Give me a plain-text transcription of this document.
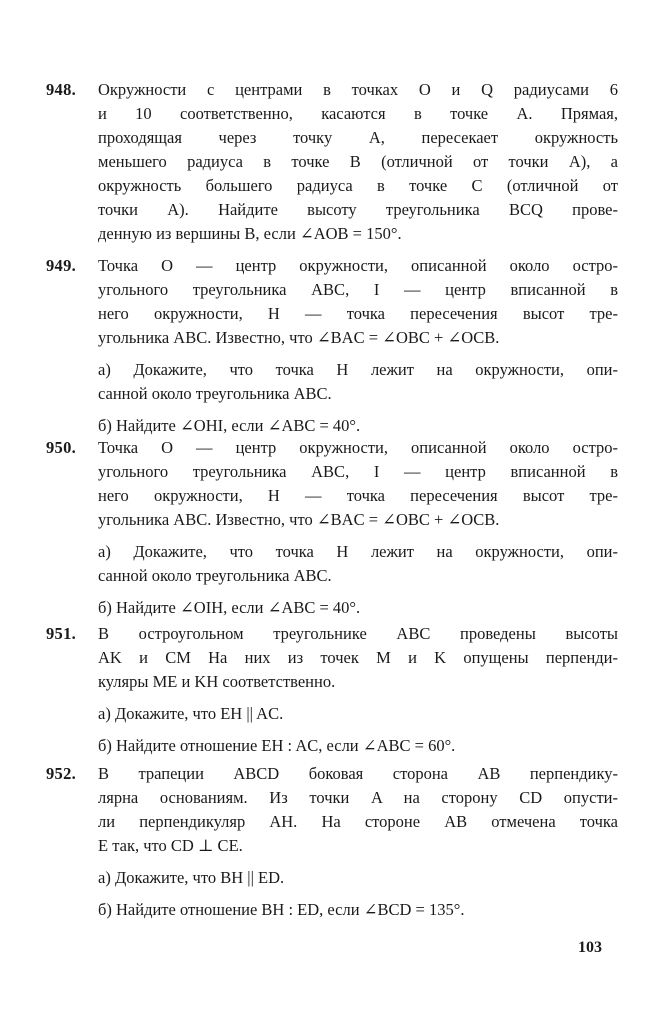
948. Окружности с центрами в точках O и Q радиусами 6
и 10 соответственно, касаются в точке A. Прямая,
проходящая через точку A, пересекает окружность
меньшего радиуса в точке B (отличной от точки A), а
окружность большего радиуса в точке C (отличной от
точки A). Найдите высоту треугольника BCQ прове-
денную из вершины B, если ∠AOB = 150°.
949. Точка O — центр окружности, описанной около остро-
угольного треугольника ABC, I — центр вписанной в
него окружности, H — точка пересечения высот тре-
угольника ABC. Известно, что ∠BAC = ∠OBC + ∠OCB.
а) Докажите, что точка H лежит на окружности, опи-
санной около треугольника ABC.
б) Найдите ∠OHI, если ∠ABC = 40°.
950. Точка O — центр окружности, описанной около остро-
угольного треугольника ABC, I — центр вписанной в
него окружности, H — точка пересечения высот тре-
угольника ABC. Известно, что ∠BAC = ∠OBC + ∠OCB.
а) Докажите, что точка H лежит на окружности, опи-
санной около треугольника ABC.
б) Найдите ∠OIH, если ∠ABC = 40°.
951. В остроугольном треугольнике ABC проведены высоты
AK и CM На них из точек M и K опущены перпенди-
куляры ME и KH соответственно.
а) Докажите, что EH || AC.
б) Найдите отношение EH : AC, если ∠ABC = 60°.
952. В трапеции ABCD боковая сторона AB перпендику-
лярна основаниям. Из точки A на сторону CD опусти-
ли перпендикуляр AH. На стороне AB отмечена точка
E так, что CD ⊥ CE.
а) Докажите, что BH || ED.
б) Найдите отношение BH : ED, если ∠BCD = 135°.
103
